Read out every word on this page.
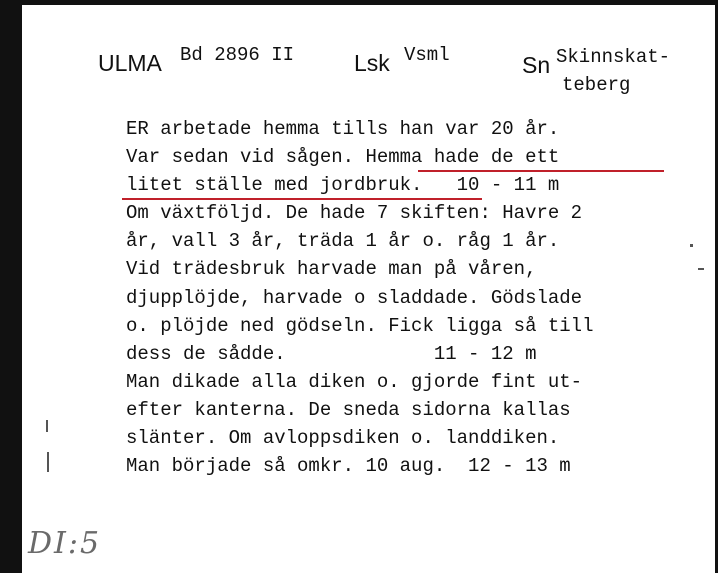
ULMA Bd 2896 II	Lsk Vsml	Sn Skinnskat-
teberg
ER arbetade hemma tills han var 20 år.
Var sedan vid sågen. Hemma hade de ett
litet ställe med jordbruk.   10 - 11 m
Om växtföljd. De hade 7 skiften: Havre 2
år, vall 3 år, träda 1 år o. råg 1 år.
Vid trädesbruk harvade man på våren,
djupplöjde, harvade o sladdade. Gödslade
o. plöjde ned gödseln. Fick ligga så till
dess de sådde.             11 - 12 m
Man dikade alla diken o. gjorde fint ut-
efter kanterna. De sneda sidorna kallas
slänter. Om avloppsdiken o. landdiken.
Man började så omkr. 10 aug.  12 - 13 m
DI:5
